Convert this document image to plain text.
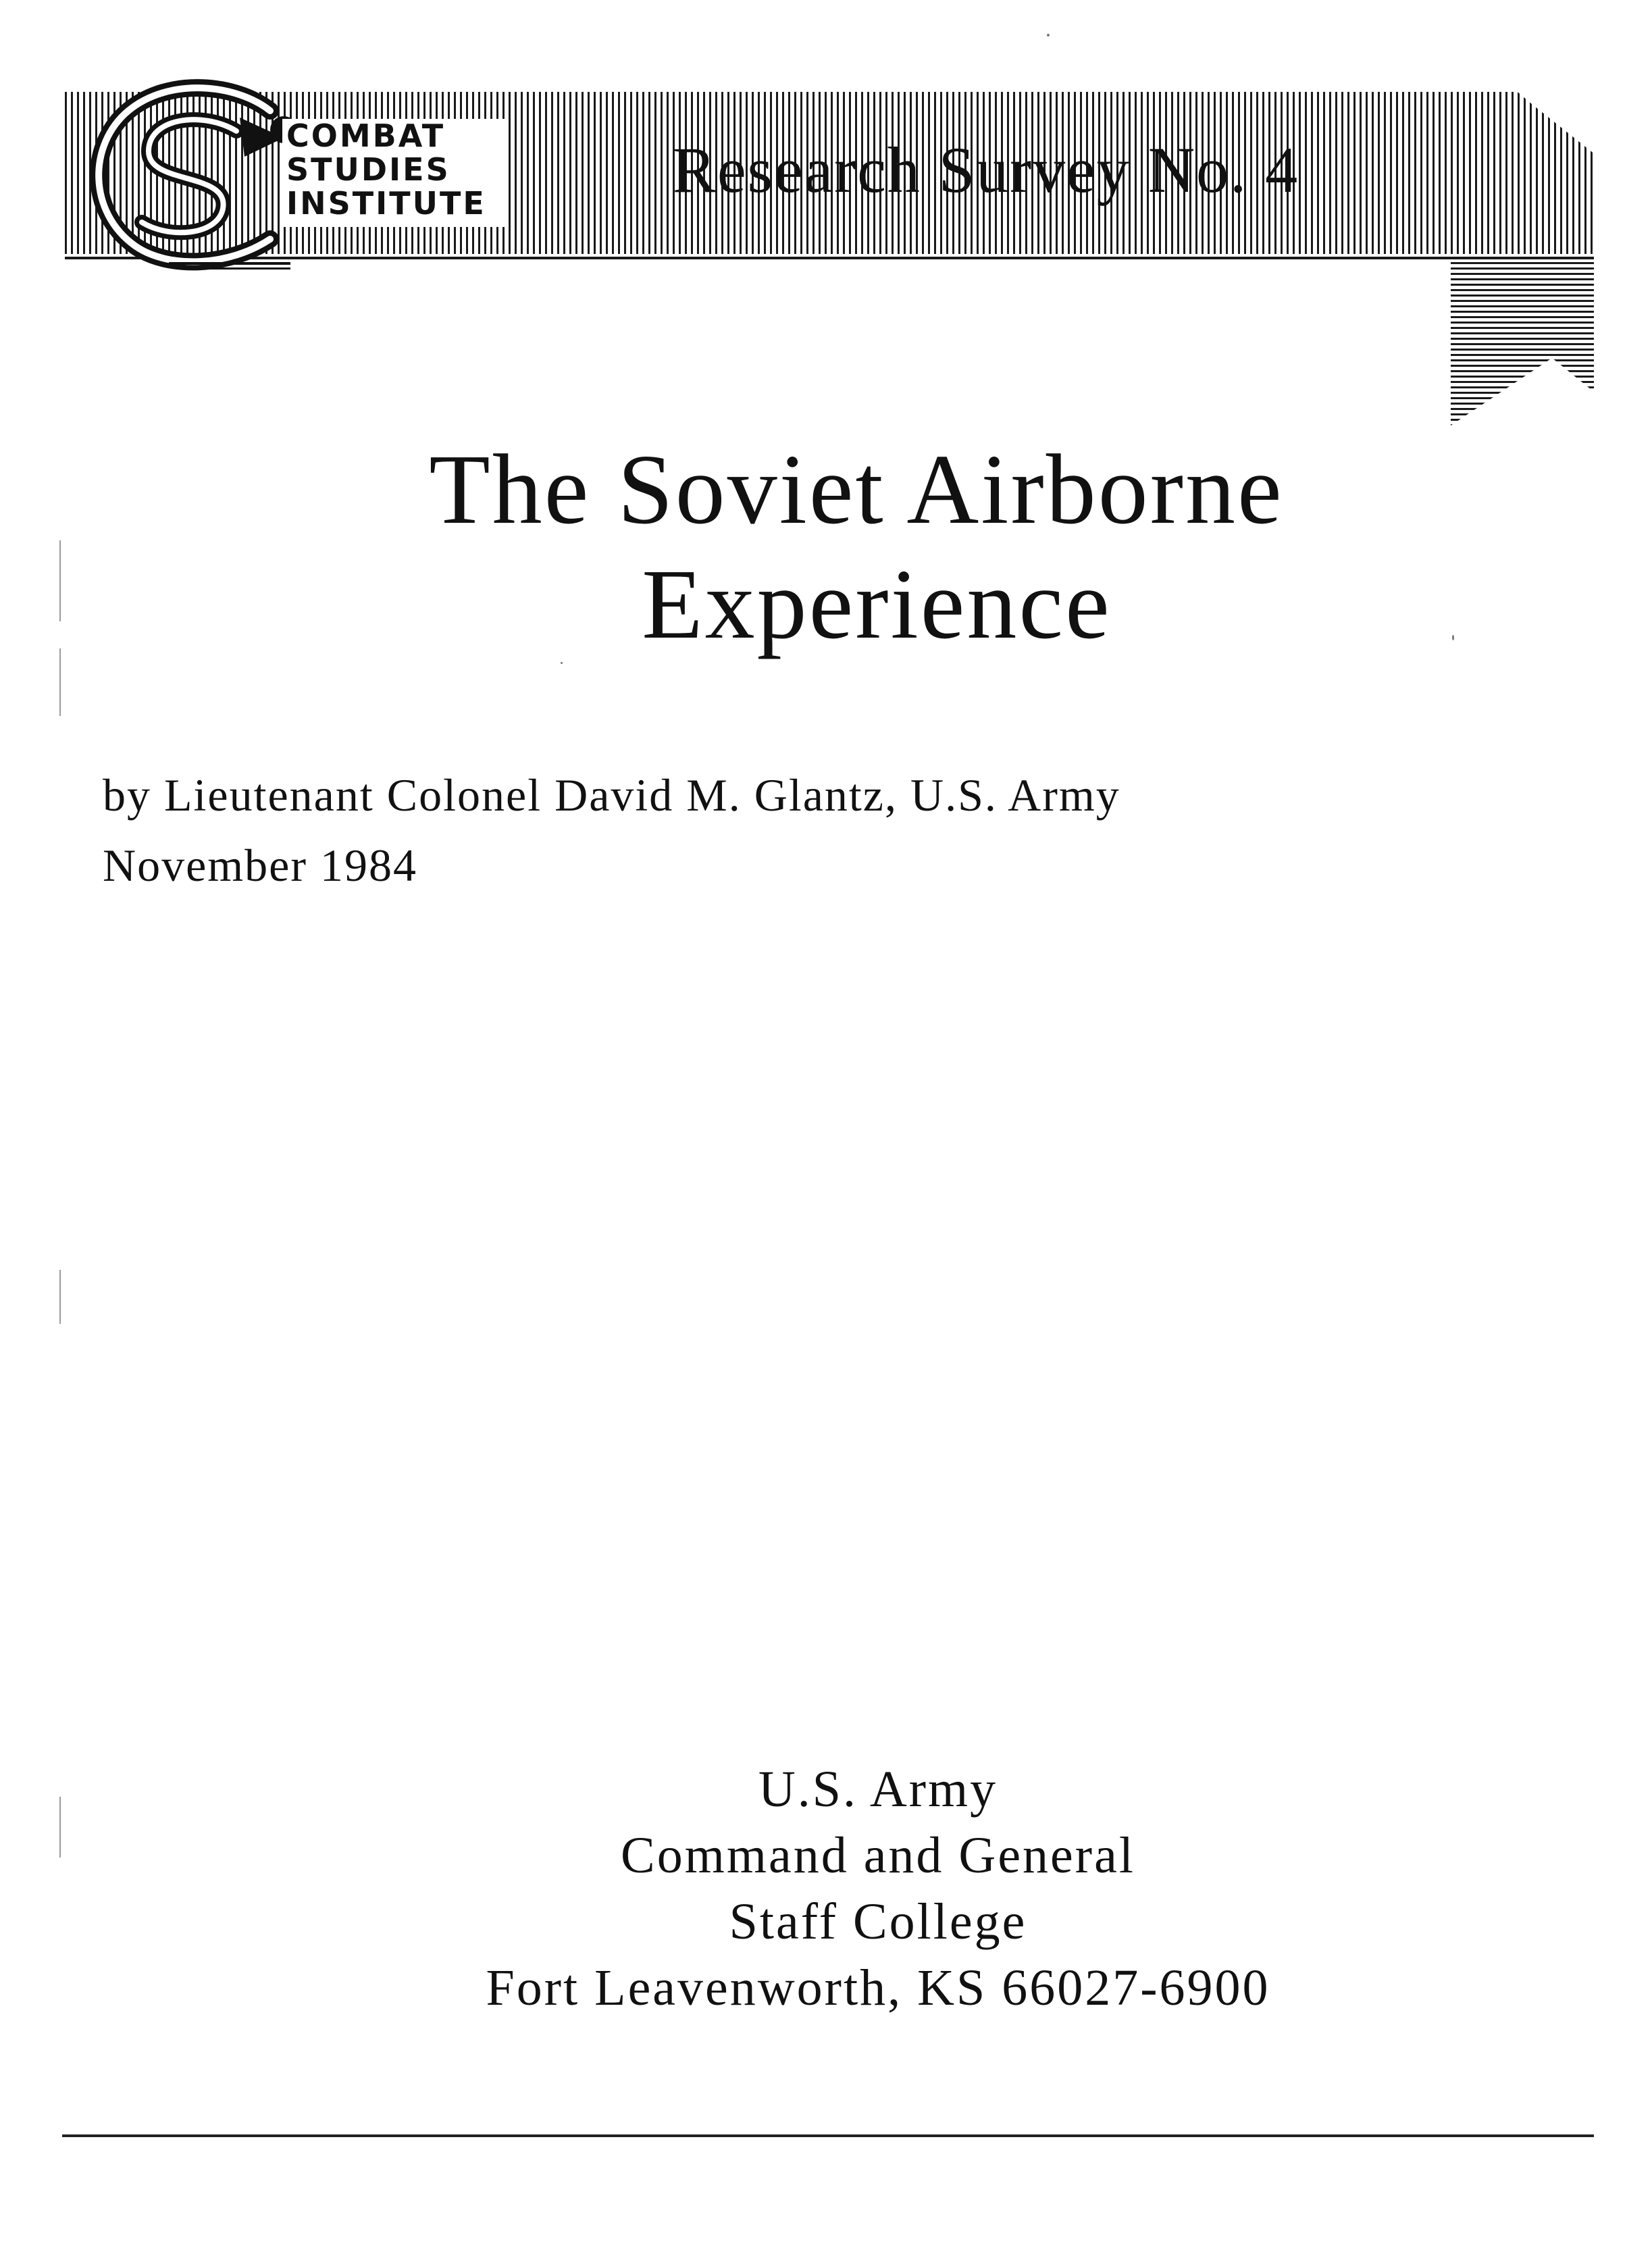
Research Survey No. 4
COMBAT
STUDIES
INSTITUTE
The Soviet Airborne
Experience
by Lieutenant Colonel David M. Glantz, U.S. Army
November 1984
U.S. Army
Command and General
Staff College
Fort Leavenworth, KS 66027-6900
